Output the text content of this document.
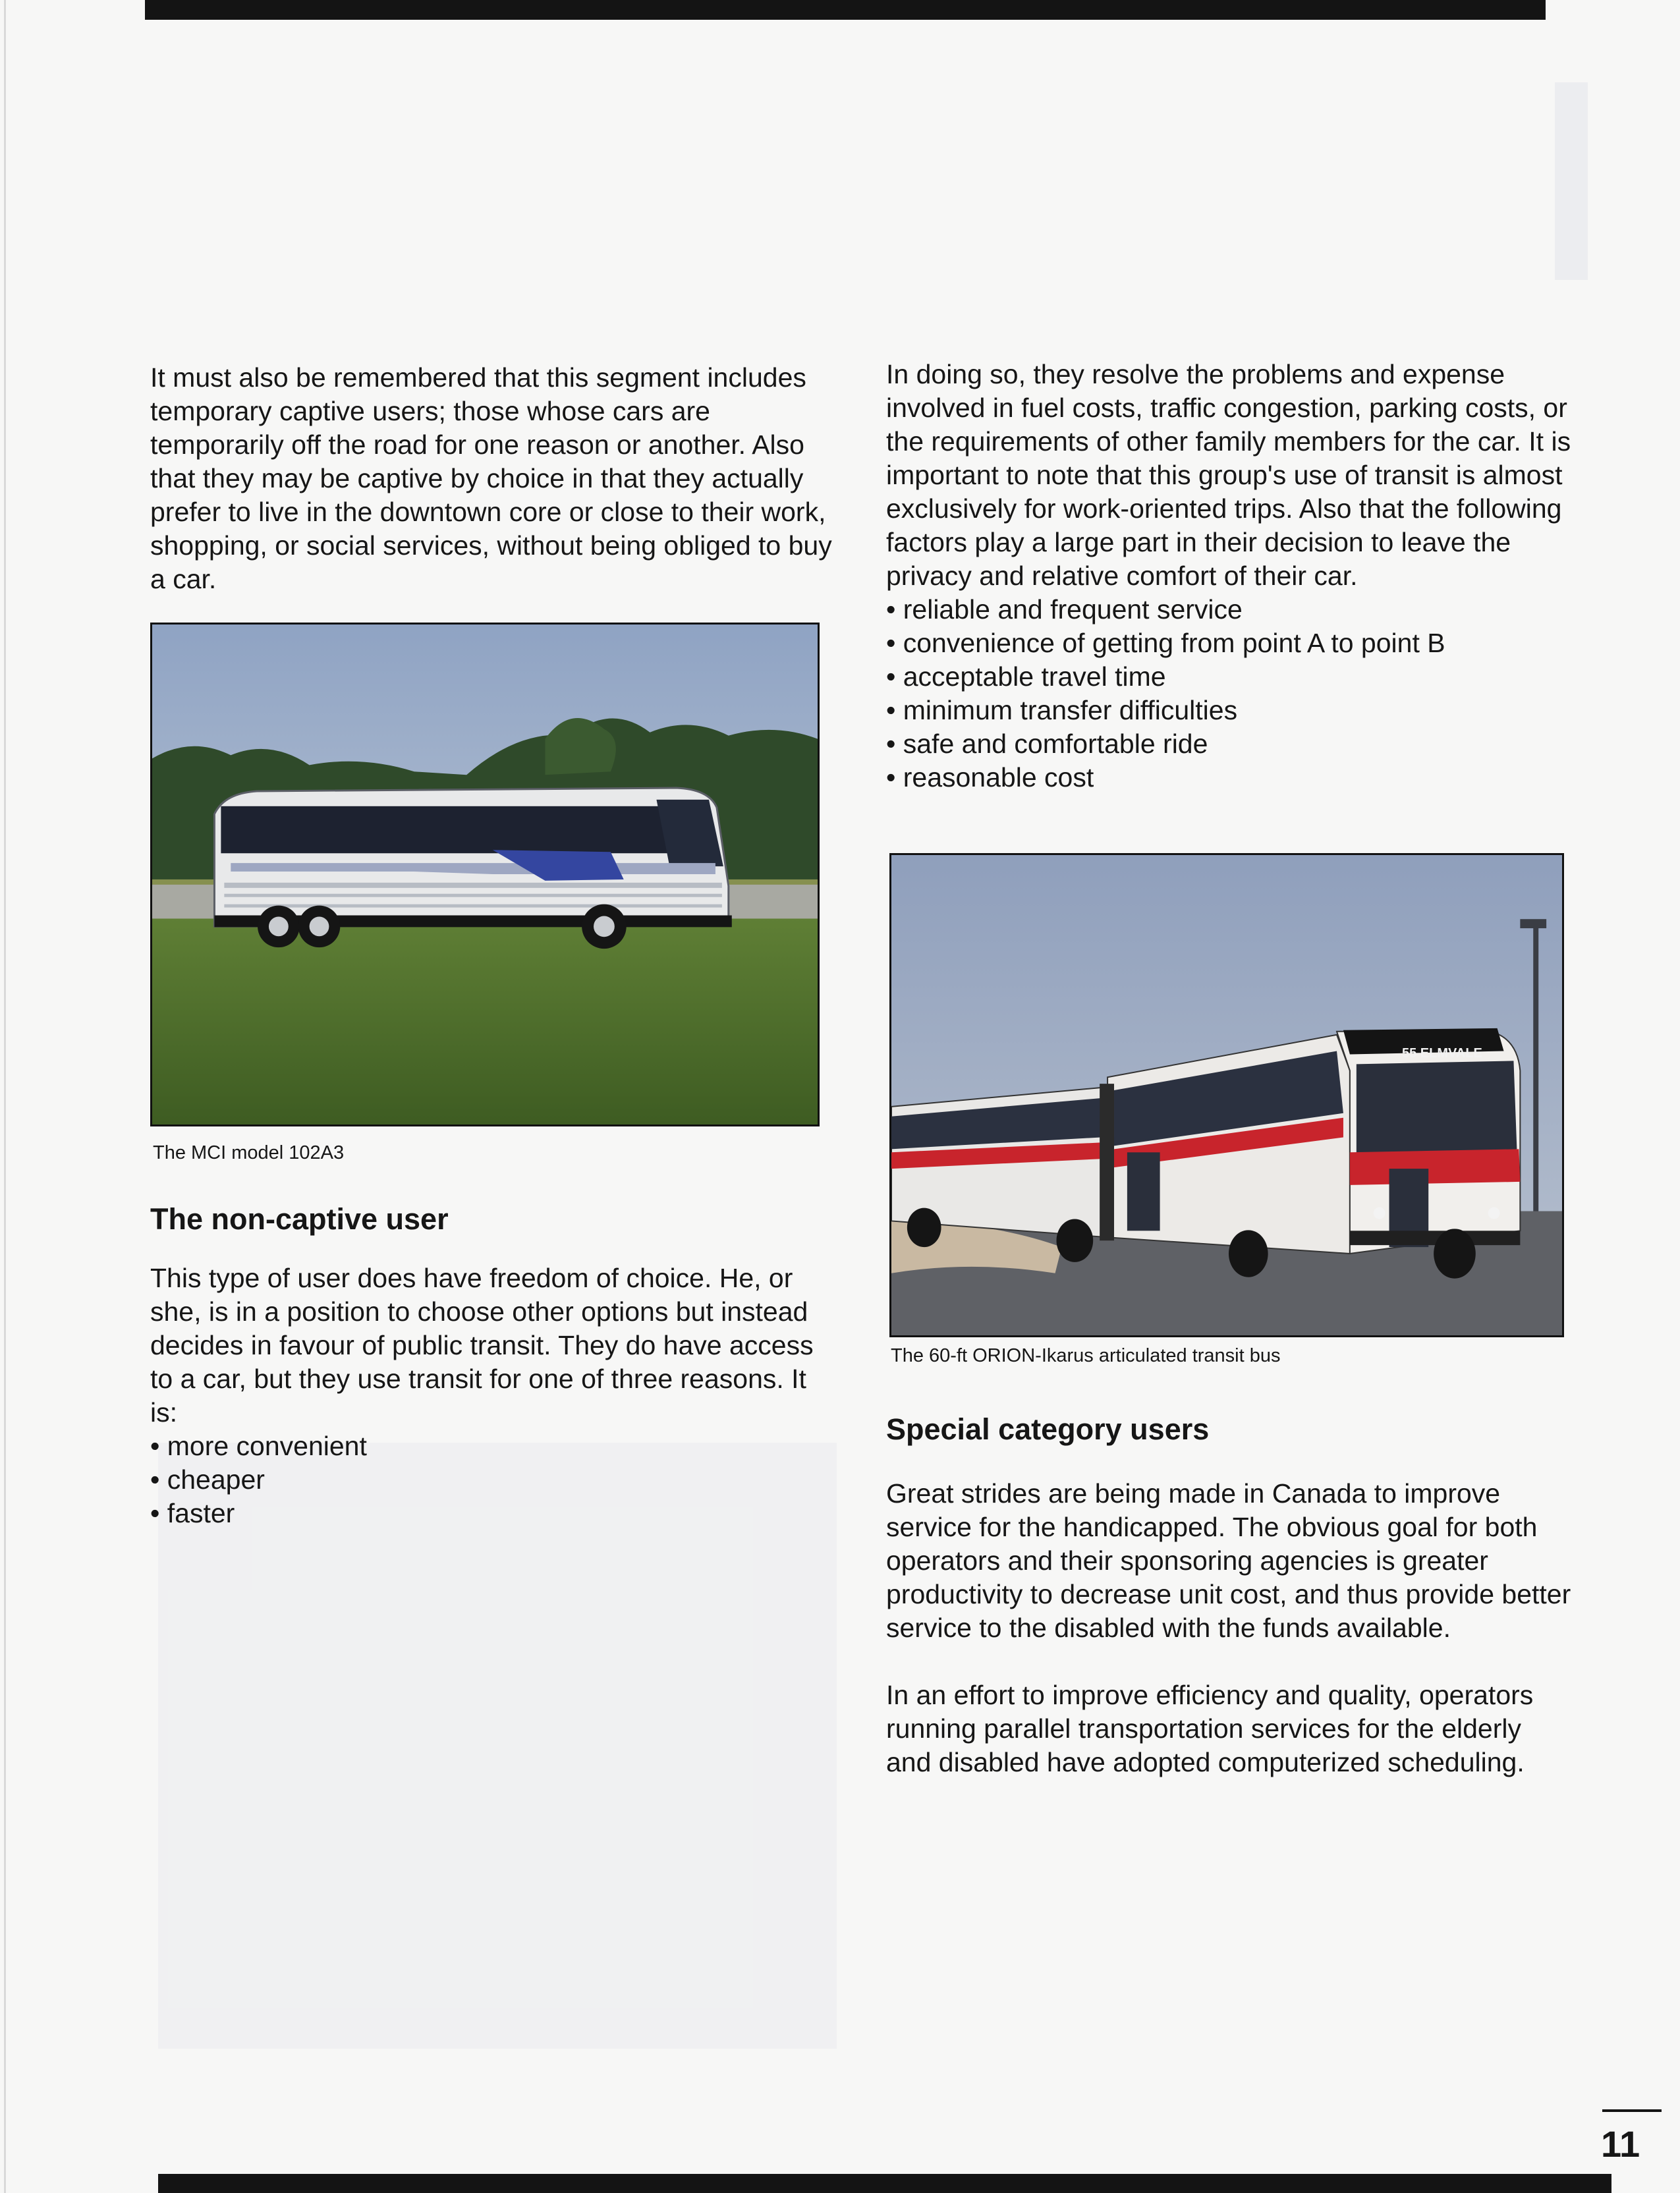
It must also be remembered that this segment includes temporary captive users; those whose cars are temporarily off the road for one reason or another. Also that they may be captive by choice in that they actually prefer to live in the downtown core or close to their work, shopping, or social services, without being obliged to buy a car.

The MCI model 102A3
The non-captive user

This type of user does have freedom of choice. He, or she, is in a position to choose other options but instead decides in favour of public transit. They do have access to a car, but they use transit for one of three reasons. It is:

• more convenient
• cheaper
• faster

In doing so, they resolve the problems and expense involved in fuel costs, traffic congestion, parking costs, or the requirements of other family members for the car. It is important to note that this group's use of transit is almost exclusively for work-oriented trips. Also that the following factors play a large part in their decision to leave the privacy and relative comfort of their car.

• reliable and frequent service
• convenience of getting from point A to point B
• acceptable travel time
• minimum transfer difficulties
• safe and comfortable ride
• reasonable cost
55 ELMVALE
The 60-ft ORION-Ikarus articulated transit bus
Special category users

Great strides are being made in Canada to improve service for the handicapped. The obvious goal for both operators and their sponsoring agencies is greater productivity to decrease unit cost, and thus provide better service to the disabled with the funds available.

In an effort to improve efficiency and quality, operators running parallel transportation services for the elderly and disabled have adopted computerized scheduling.

11
